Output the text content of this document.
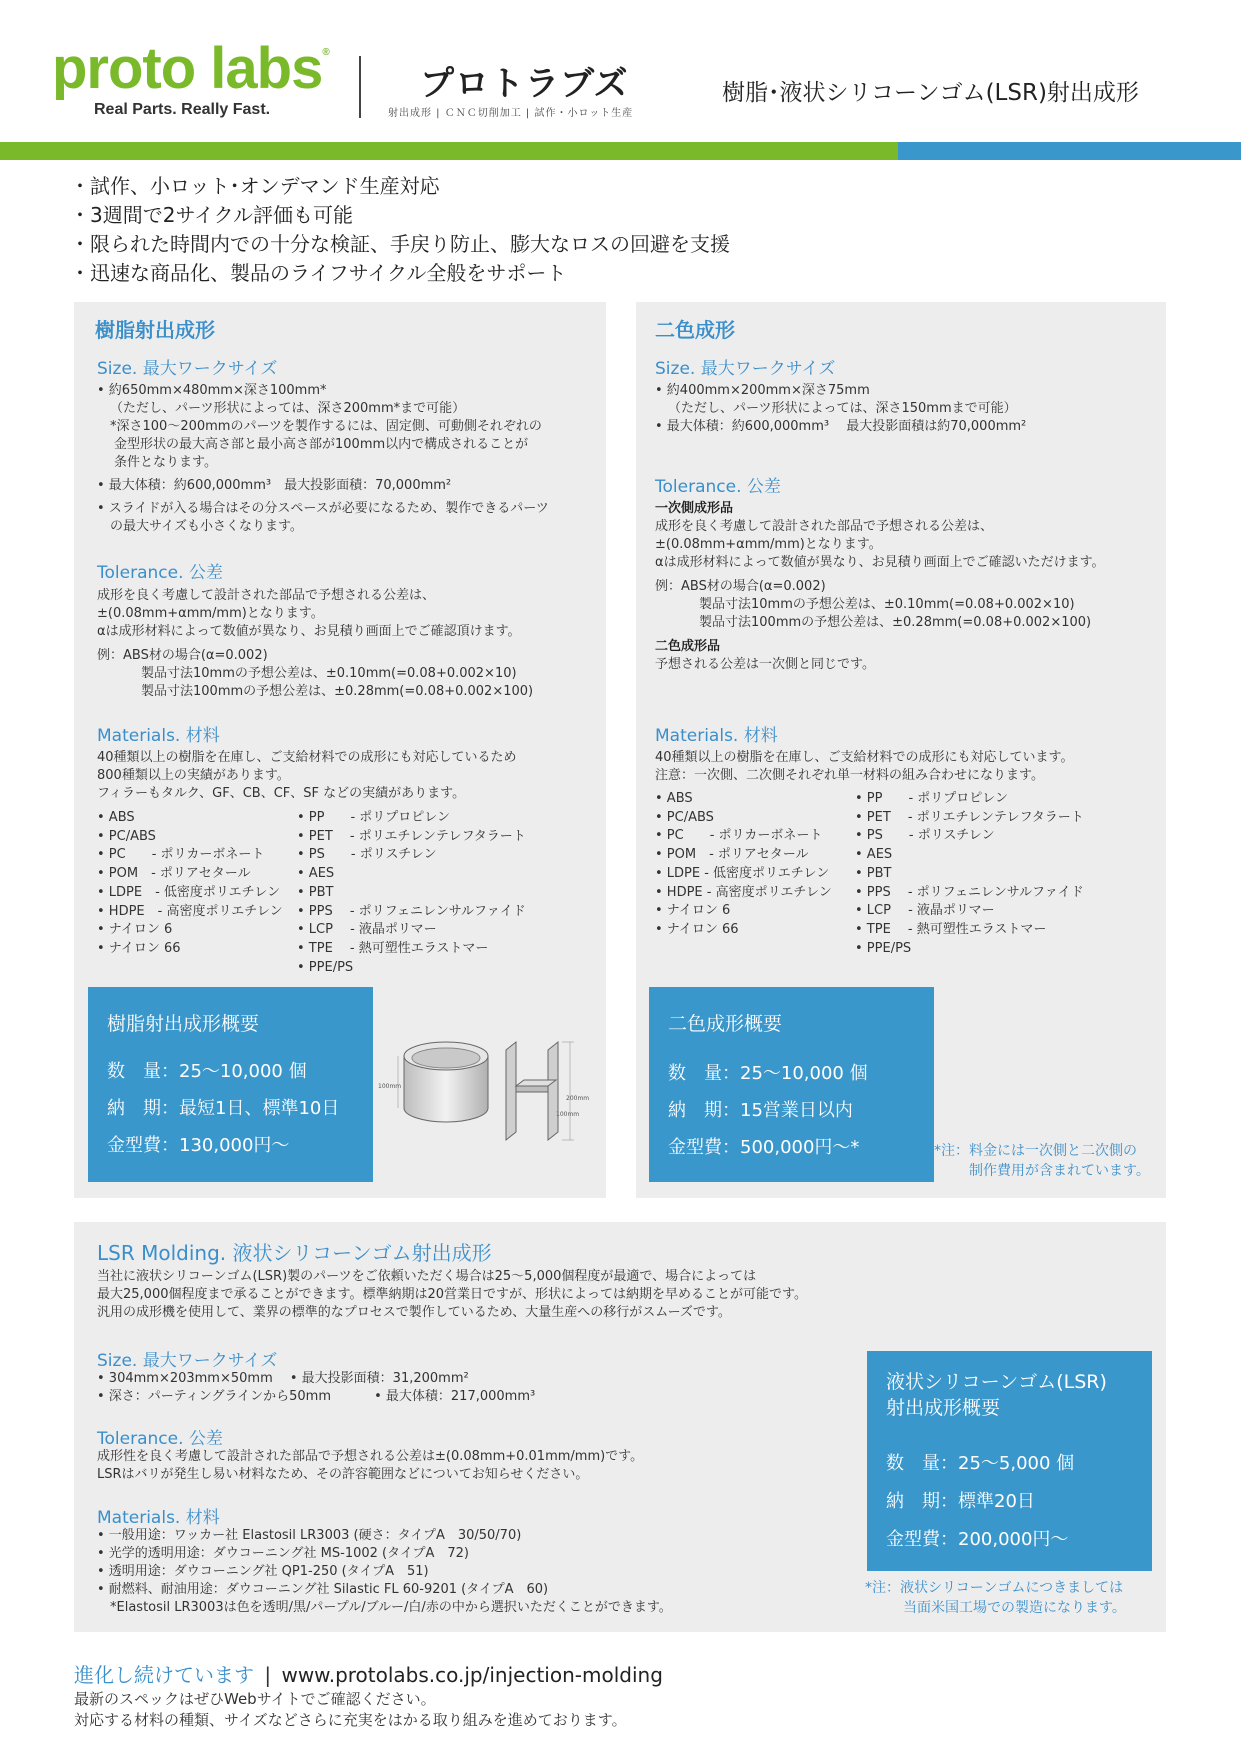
proto labs®
Real Parts. Really Fast.
プロトラブズ
射出成形 | ＣＮＣ切削加工 | 試作・小ロット生産
樹脂･液状シリコーンゴム(LSR)射出成形
・ 試作、小ロット･オンデマンド生産対応
・ 3週間で2サイクル評価も可能
・ 限られた時間内での十分な検証、手戻り防止、膨大なロスの回避を支援
・ 迅速な商品化、製品のライフサイクル全般をサポート
樹脂射出成形
Size. 最大ワークサイズ
• 約650mm×480mm×深さ100mm*
（ただし、パーツ形状によっては、深さ200mm*まで可能）
*深さ100～200mmのパーツを製作するには、固定側、可動側それぞれの
金型形状の最大高さ部と最小高さ部が100mm以内で構成されることが
条件となります。
• 最大体積：約600,000mm³　最大投影面積：70,000mm²
• スライドが入る場合はその分スペースが必要になるため、製作できるパーツ
の最大サイズも小さくなります。
Tolerance. 公差
成形を良く考慮して設計された部品で予想される公差は、
±(0.08mm+αmm/mm)となります。
αは成形材料によって数値が異なり、お見積り画面上でご確認頂けます。
例：ABS材の場合(α=0.002)
製品寸法10mmの予想公差は、±0.10mm(=0.08+0.002×10)
製品寸法100mmの予想公差は、±0.28mm(=0.08+0.002×100)
Materials. 材料
40種類以上の樹脂を在庫し、ご支給材料での成形にも対応しているため
800種類以上の実績があります。
フィラーもタルク、GF、CB、CF、SF などの実績があります。
• ABS
• PC/ABS
• PC　　- ポリカーボネート
• POM　- ポリアセタール
• LDPE　- 低密度ポリエチレン
• HDPE　- 高密度ポリエチレン
• ナイロン 6
• ナイロン 66
• PP　　- ポリプロピレン
• PET　 - ポリエチレンテレフタラート
• PS　　- ポリスチレン
• AES
• PBT
• PPS　 - ポリフェニレンサルファイド
• LCP　 - 液晶ポリマー
• TPE　 - 熱可塑性エラストマー
• PPE/PS
樹脂射出成形概要
数　量：25～10,000 個
納　期：最短1日、標準10日
金型費：130,000円～
100mm
200mm
100mm
二色成形
Size. 最大ワークサイズ
• 約400mm×200mm×深さ75mm
（ただし、パーツ形状によっては、深さ150mmまで可能）
• 最大体積：約600,000mm³　 最大投影面積は約70,000mm²
Tolerance. 公差
一次側成形品
成形を良く考慮して設計された部品で予想される公差は、
±(0.08mm+αmm/mm)となります。
αは成形材料によって数値が異なり、お見積り画面上でご確認いただけます。
例：ABS材の場合(α=0.002)
製品寸法10mmの予想公差は、±0.10mm(=0.08+0.002×10)
製品寸法100mmの予想公差は、±0.28mm(=0.08+0.002×100)
二色成形品
予想される公差は一次側と同じです。
Materials. 材料
40種類以上の樹脂を在庫し、ご支給材料での成形にも対応しています。
注意：一次側、二次側それぞれ単一材料の組み合わせになります。
• ABS
• PC/ABS
• PC　　- ポリカーボネート
• POM　- ポリアセタール
• LDPE - 低密度ポリエチレン
• HDPE - 高密度ポリエチレン
• ナイロン 6
• ナイロン 66
• PP　　- ポリプロピレン
• PET　 - ポリエチレンテレフタラート
• PS　　- ポリスチレン
• AES
• PBT
• PPS　 - ポリフェニレンサルファイド
• LCP　 - 液晶ポリマー
• TPE　 - 熱可塑性エラストマー
• PPE/PS
二色成形概要
数　量：25～10,000 個
納　期：15営業日以内
金型費：500,000円～*	*注：料金には一次側と二次側の
制作費用が含まれています。
LSR Molding. 液状シリコーンゴム射出成形
当社に液状シリコーンゴム(LSR)製のパーツをご依頼いただく場合は25～5,000個程度が最適で、場合によっては
最大25,000個程度まで承ることができます。標準納期は20営業日ですが、形状によっては納期を早めることが可能です。
汎用の成形機を使用して、業界の標準的なプロセスで製作しているため、大量生産への移行がスムーズです。
Size. 最大ワークサイズ
• 304mm×203mm×50mm　 • 最大投影面積：31,200mm²
• 深さ：パーティングラインから50mm　　　 • 最大体積：217,000mm³
Tolerance. 公差
成形性を良く考慮して設計された部品で予想される公差は±(0.08mm+0.01mm/mm)です。
LSRはバリが発生し易い材料なため、その許容範囲などについてお知らせください。
Materials. 材料
• 一般用途：ワッカー社 Elastosil LR3003 (硬さ：タイプA　30/50/70)
• 光学的透明用途：ダウコーニング社 MS-1002 (タイプA　72)
• 透明用途：ダウコーニング社 QP1-250 (タイプA　51)
• 耐燃料、耐油用途：ダウコーニング社 Silastic FL 60-9201 (タイプA　60)
*Elastosil LR3003は色を透明/黒/パープル/ブルー/白/赤の中から選択いただくことができます。
液状シリコーンゴム(LSR)
射出成形概要
数　量：25～5,000 個
納　期：標準20日
金型費：200,000円～
*注：液状シリコーンゴムにつきましては
当面米国工場での製造になります。
進化し続けています | www.protolabs.co.jp/injection-molding
最新のスペックはぜひWebサイトでご確認ください。
対応する材料の種類、サイズなどさらに充実をはかる取り組みを進めております。
